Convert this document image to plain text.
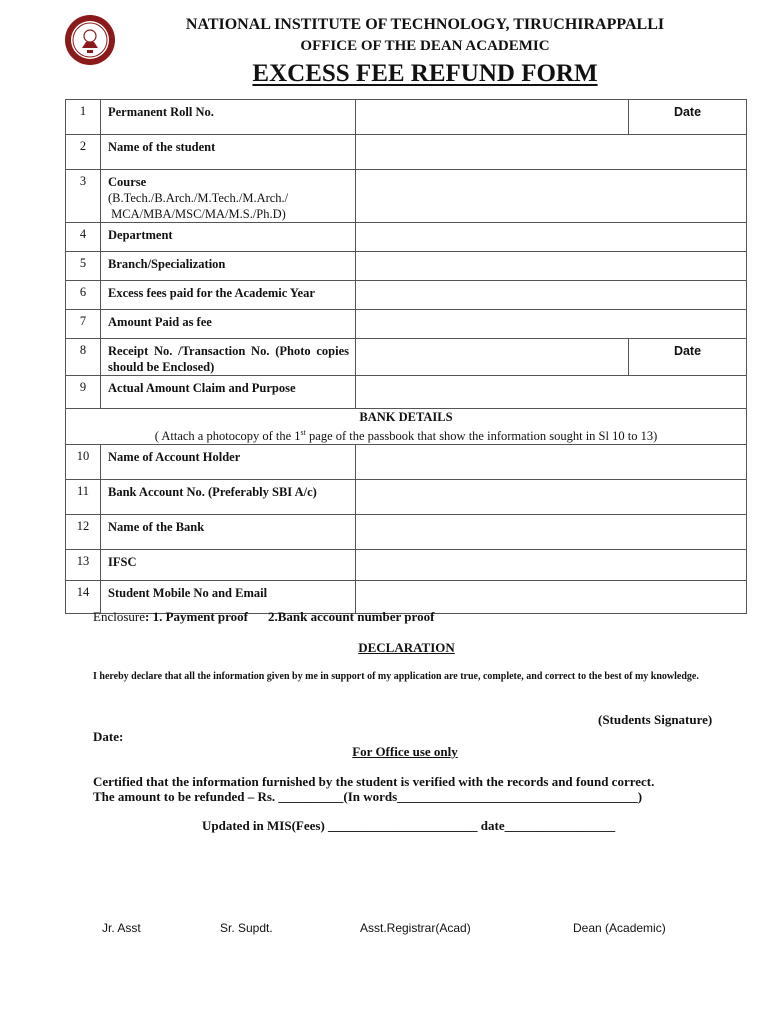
NATIONAL INSTITUTE OF TECHNOLOGY, TIRUCHIRAPPALLI
OFFICE OF THE DEAN ACADEMIC
EXCESS FEE REFUND FORM
1	Permanent Roll No.		Date
2	Name of the student		
3	Course
(B.Tech./B.Arch./M.Tech./M.Arch./
MCA/MBA/MSC/MA/M.S./Ph.D)		

4	Department		
5	Branch/Specialization		
6	Excess fees paid for the Academic Year		
7	Amount Paid as fee		
8	Receipt No. /Transaction No. (Photo copies should be Enclosed)		Date
9	Actual Amount Claim and Purpose		

BANK DETAILS
( Attach a photocopy of the 1st page of the passbook that show the information sought in Sl 10 to 13)			

10	Name of Account Holder		
11	Bank Account No. (Preferably SBI A/c)		
12	Name of the Bank		
13	IFSC		
14	Student Mobile No and Email		
Enclosure: 1. Payment proof 2.Bank account number proof
DECLARATION
I hereby declare that all the information given by me in support of my application are true, complete, and correct to the best of my knowledge.
(Students Signature)
Date:
For Office use only
Certified that the information furnished by the student is verified with the records and found correct.
The amount to be refunded – Rs. __________(In words_____________________________________)
Updated in MIS(Fees) _______________________ date_________________
Jr. Asst	Sr. Supdt.	Asst.Registrar(Acad)	Dean (Academic)
